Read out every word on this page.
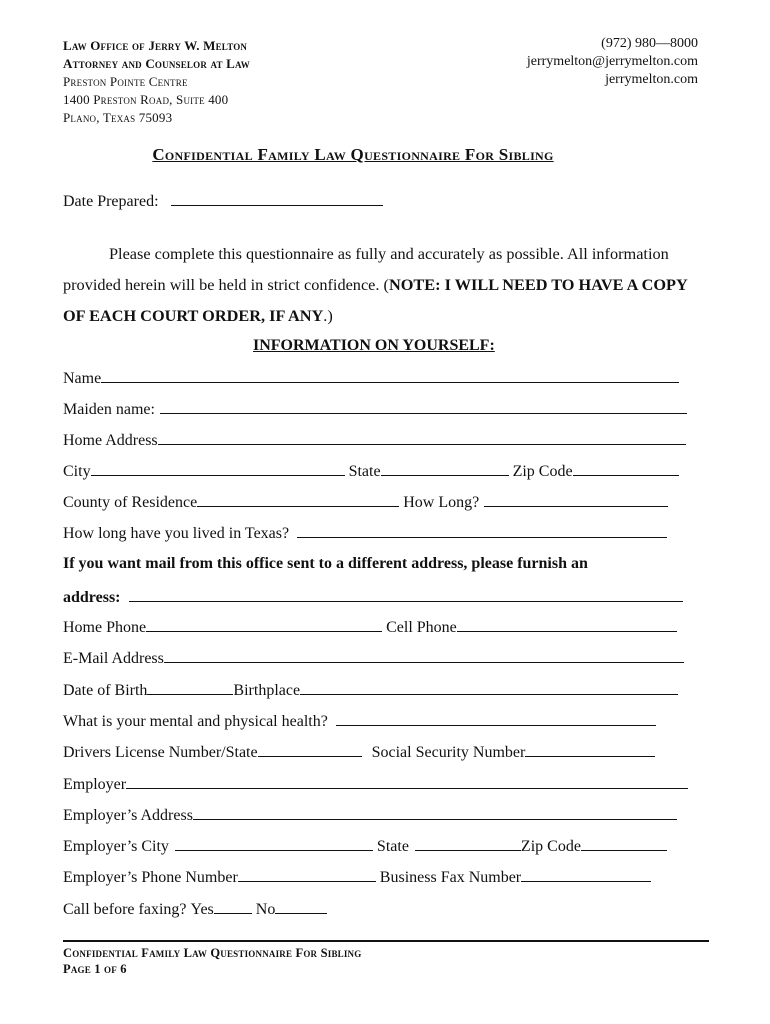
Law Office of Jerry W. Melton
Attorney and Counselor at Law
Preston Pointe Centre
1400 Preston Road, Suite 400
Plano, Texas 75093
(972) 980—8000
jerrymelton@jerrymelton.com
jerrymelton.com
Confidential Family Law Questionnaire For Sibling
Date Prepared:
Please complete this questionnaire as fully and accurately as possible. All information provided herein will be held in strict confidence. (NOTE: I WILL NEED TO HAVE A COPY OF EACH COURT ORDER, IF ANY.)
INFORMATION ON YOURSELF:
Name
Maiden name:
Home Address
City	State	Zip Code
County of Residence	How Long?
How long have you lived in Texas?
If you want mail from this office sent to a different address, please furnish an
address:
Home Phone	Cell Phone
E-Mail Address
Date of Birth	Birthplace
What is your mental and physical health?
Drivers License Number/State	Social Security Number
Employer
Employer’s Address
Employer’s City	State	Zip Code
Employer’s Phone Number	Business Fax Number
Call before faxing? Yes	No
Confidential Family Law Questionnaire For Sibling
Page 1 of 6
